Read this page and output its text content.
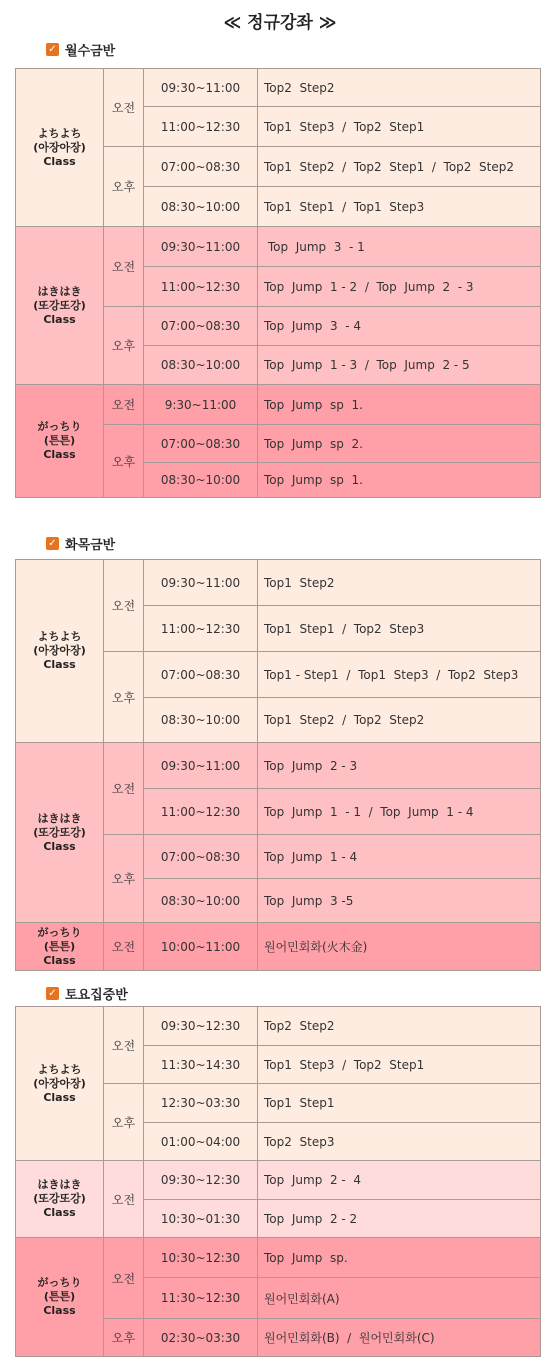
≪ 정규강좌 ≫
✓ 월수금반
よちよち
(아장아장)
Class	오전	09:30~11:00	Top2  Step2
		11:00~12:30	Top1  Step3  /  Top2  Step1
	오후	07:00~08:30	Top1  Step2  /  Top2  Step1  /  Top2  Step2
		08:30~10:00	Top1  Step1  /  Top1  Step3

はきはき
(또강또강)
Class	오전	09:30~11:00	Top  Jump  3  - 1
		11:00~12:30	Top  Jump  1 - 2  /  Top  Jump  2  - 3
	오후	07:00~08:30	Top  Jump  3  - 4
		08:30~10:00	Top  Jump  1 - 3  /  Top  Jump  2 - 5

がっちり
(튼튼)
Class	오전	9:30~11:00	Top  Jump  sp  1.
	오후	07:00~08:30	Top  Jump  sp  2.
		08:30~10:00	Top  Jump  sp  1.
✓ 화목금반
よちよち
(아장아장)
Class	오전	09:30~11:00	Top1  Step2
		11:00~12:30	Top1  Step1  /  Top2  Step3
	오후	07:00~08:30	Top1 - Step1  /  Top1  Step3  /  Top2  Step3
		08:30~10:00	Top1  Step2  /  Top2  Step2

はきはき
(또강또강)
Class	오전	09:30~11:00	Top  Jump  2 - 3
		11:00~12:30	Top  Jump  1  - 1  /  Top  Jump  1 - 4
	오후	07:00~08:30	Top  Jump  1 - 4
		08:30~10:00	Top  Jump  3 -5

がっちり
(튼튼)
Class	오전	10:00~11:00	원어민회화(火木金)
✓ 토요집중반
よちよち
(아장아장)
Class	오전	09:30~12:30	Top2  Step2
		11:30~14:30	Top1  Step3  /  Top2  Step1
	오후	12:30~03:30	Top1  Step1
		01:00~04:00	Top2  Step3

はきはき
(또강또강)
Class	오전	09:30~12:30	Top  Jump  2 -  4
		10:30~01:30	Top  Jump  2 - 2

がっちり
(튼튼)
Class	오전	10:30~12:30	Top  Jump  sp.
		11:30~12:30	원어민회화(A)
	오후	02:30~03:30	원어민회화(B)  /  원어민회화(C)
